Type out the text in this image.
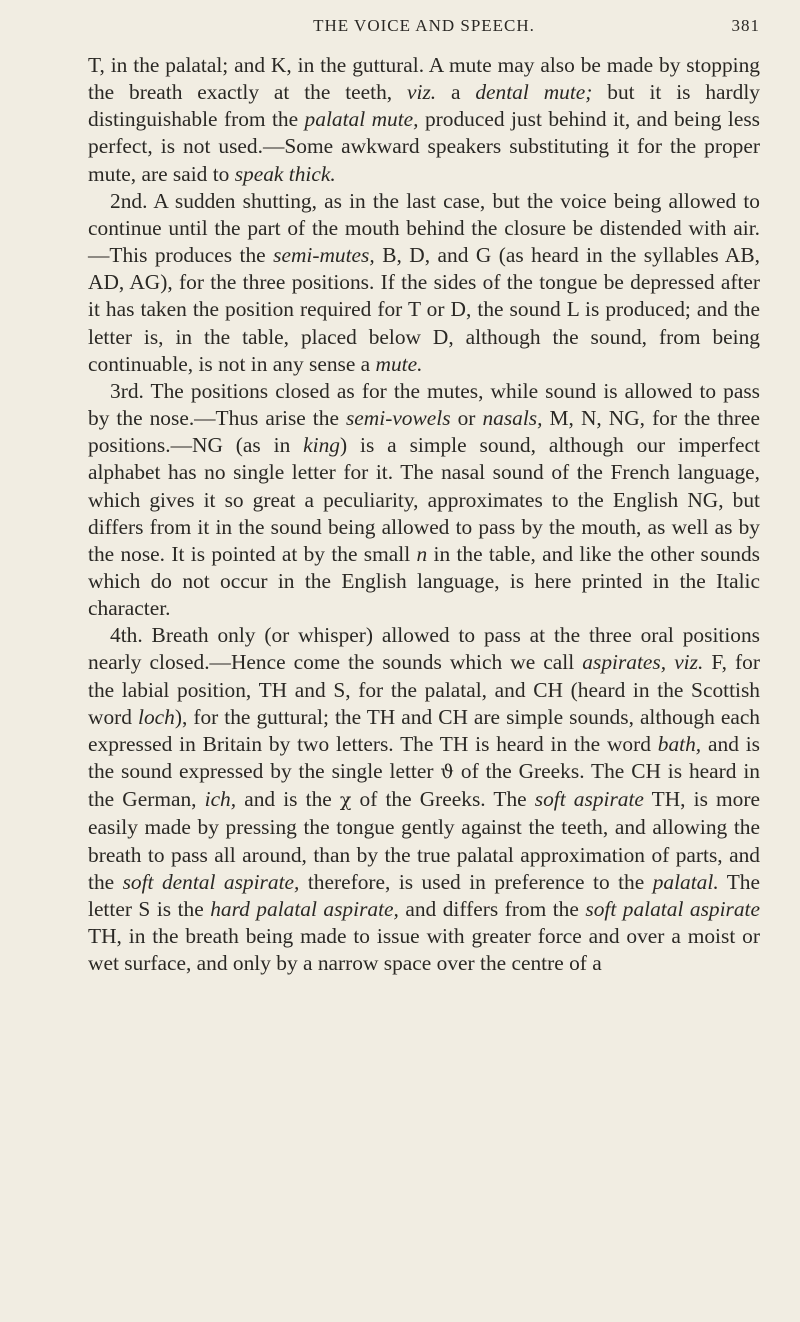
THE VOICE AND SPEECH.	381

T, in the palatal; and K, in the guttural. A mute may also be made by stopping the breath exactly at the teeth, viz. a dental mute; but it is hardly distinguishable from the palatal mute, produced just behind it, and being less perfect, is not used.—Some awkward speakers substituting it for the proper mute, are said to speak thick.

2nd. A sudden shutting, as in the last case, but the voice being allowed to continue until the part of the mouth behind the closure be distended with air.—This produces the semi-mutes, B, D, and G (as heard in the syllables AB, AD, AG), for the three positions. If the sides of the tongue be depressed after it has taken the position required for T or D, the sound L is produced; and the letter is, in the table, placed below D, although the sound, from being continuable, is not in any sense a mute.

3rd. The positions closed as for the mutes, while sound is allowed to pass by the nose.—Thus arise the semi-vowels or nasals, M, N, NG, for the three positions.—NG (as in king) is a simple sound, although our imperfect alphabet has no single letter for it. The nasal sound of the French language, which gives it so great a peculiarity, approximates to the English NG, but differs from it in the sound being allowed to pass by the mouth, as well as by the nose. It is pointed at by the small n in the table, and like the other sounds which do not occur in the English language, is here printed in the Italic character.

4th. Breath only (or whisper) allowed to pass at the three oral positions nearly closed.—Hence come the sounds which we call aspirates, viz. F, for the labial position, TH and S, for the palatal, and CH (heard in the Scottish word loch), for the guttural; the TH and CH are simple sounds, although each expressed in Britain by two letters. The TH is heard in the word bath, and is the sound expressed by the single letter ϑ of the Greeks. The CH is heard in the German, ich, and is the χ of the Greeks. The soft aspirate TH, is more easily made by pressing the tongue gently against the teeth, and allowing the breath to pass all around, than by the true palatal approximation of parts, and the soft dental aspirate, therefore, is used in preference to the palatal. The letter S is the hard palatal aspirate, and differs from the soft palatal aspirate TH, in the breath being made to issue with greater force and over a moist or wet surface, and only by a narrow space over the centre of a
